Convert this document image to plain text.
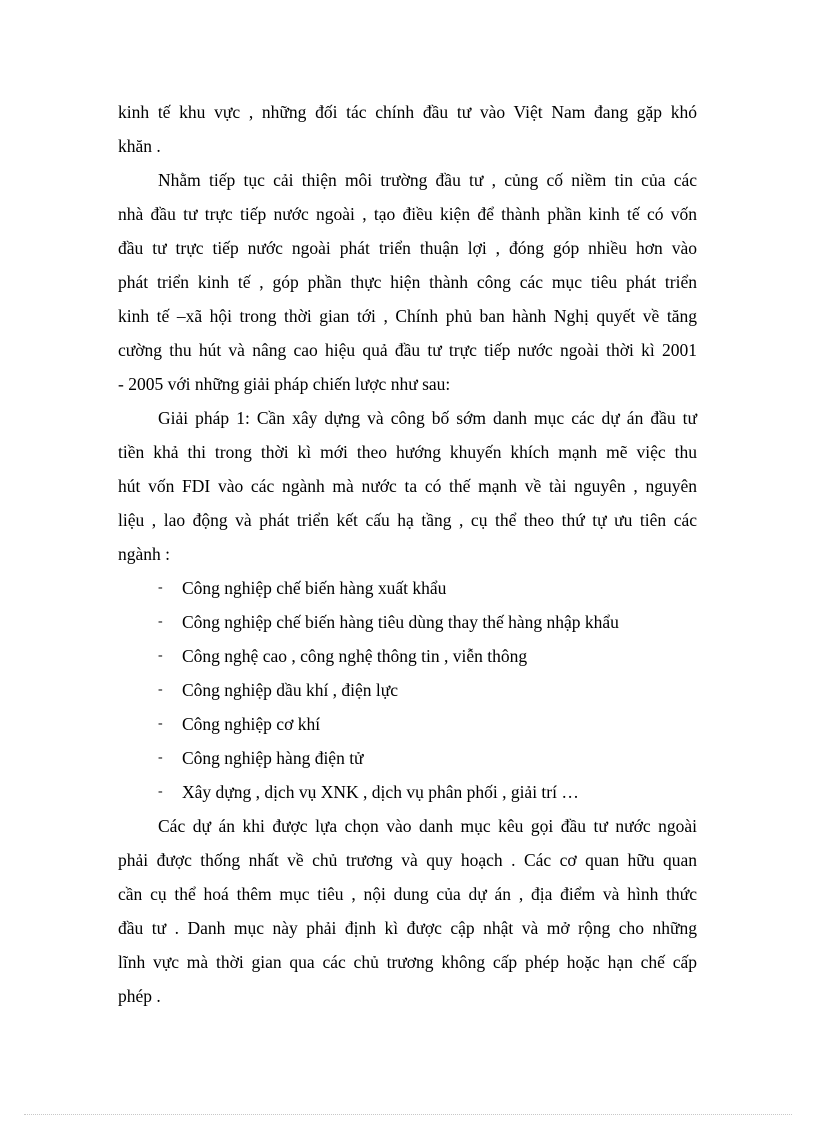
kinh tế khu vực , những đối tác chính đầu tư vào Việt Nam đang gặp khó
khăn .

Nhằm tiếp tục cải thiện môi trường đầu tư , củng cố niềm tin của các
nhà đầu tư trực tiếp nước ngoài , tạo điều kiện để thành phần kinh tế có vốn
đầu tư trực tiếp nước ngoài phát triển thuận lợi , đóng góp nhiều hơn vào
phát triển kinh tế , góp phần thực hiện thành công các mục tiêu phát triển
kinh tế –xã hội trong thời gian tới , Chính phủ ban hành Nghị quyết về tăng
cường thu hút và nâng cao hiệu quả đầu tư trực tiếp nước ngoài thời kì 2001
- 2005 với những giải pháp chiến lược như sau:

Giải pháp 1: Cần xây dựng và công bố sớm danh mục các dự án đầu tư
tiền khả thi trong thời kì mới theo hướng khuyến khích mạnh mẽ việc thu
hút vốn FDI vào các ngành mà nước ta có thế mạnh về tài nguyên , nguyên
liệu , lao động và phát triển kết cấu hạ tầng , cụ thể theo thứ tự ưu tiên các
ngành :

- Công nghiệp chế biến hàng xuất khẩu
- Công nghiệp chế biến hàng tiêu dùng thay thế hàng nhập khẩu
- Công nghệ cao , công nghệ thông tin , viễn thông
- Công nghiệp dầu khí , điện lực
- Công nghiệp cơ khí
- Công nghiệp hàng điện tử
- Xây dựng , dịch vụ XNK , dịch vụ phân phối , giải trí …

Các dự án khi được lựa chọn vào danh mục kêu gọi đầu tư nước ngoài
phải được thống nhất về chủ trương và quy hoạch . Các cơ quan hữu quan
cần cụ thể hoá thêm mục tiêu , nội dung của dự án , địa điểm và hình thức
đầu tư . Danh mục này phải định kì được cập nhật và mở rộng cho những
lĩnh vực mà thời gian qua các chủ trương không cấp phép hoặc hạn chế cấp
phép .
